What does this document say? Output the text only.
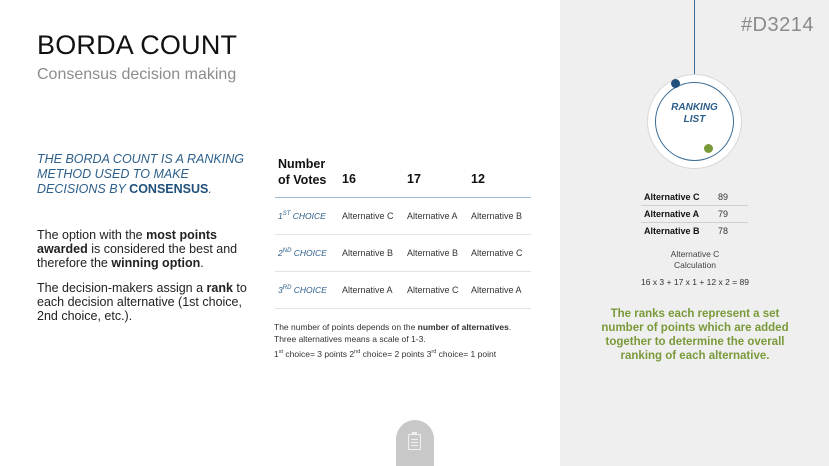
BORDA COUNT
Consensus decision making
THE BORDA COUNT IS A RANKING METHOD USED TO MAKE DECISIONS BY CONSENSUS.
The option with the most points awarded is considered the best and therefore the winning option.
The decision-makers assign a rank to each decision alternative (1st choice, 2nd choice, etc.).
Number
of Votes 16	17	12
1ST CHOICE Alternative C Alternative A Alternative B
2ND CHOICE Alternative B Alternative B Alternative C
3RD CHOICE Alternative A Alternative C Alternative A
The number of points depends on the number of alternatives. Three alternatives means a scale of 1-3.
1st choice= 3 points 2nd choice= 2 points 3rd choice= 1 point
#D3214
RANKING
LIST
Alternative C 89
Alternative A 79
Alternative B 78
Alternative C
Calculation
16 x 3 + 17 x 1 + 12 x 2 = 89
The ranks each represent a set number of points which are added together to determine the overall ranking of each alternative.
